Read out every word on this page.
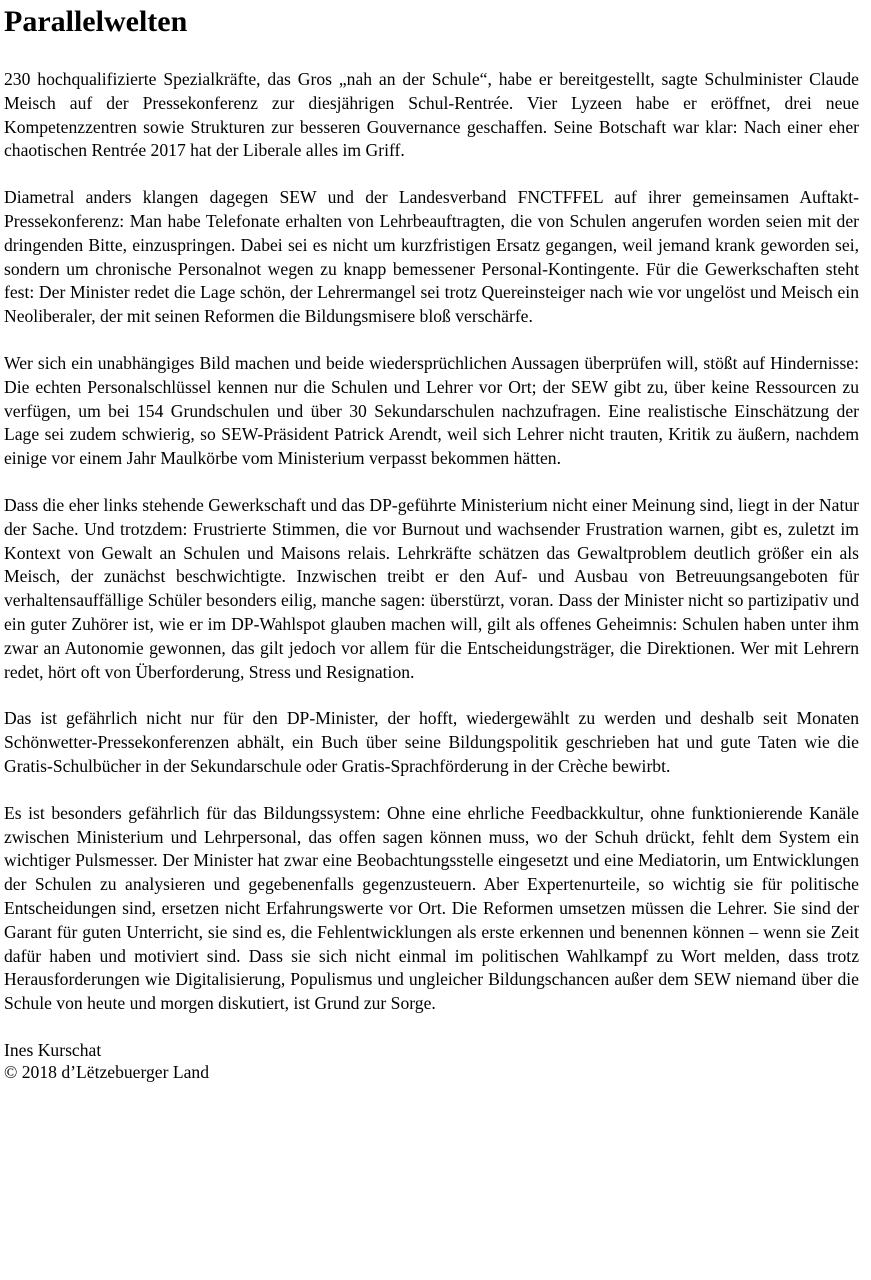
Parallelwelten

230 hochqualifizierte Spezialkräfte, das Gros „nah an der Schule“, habe er bereitgestellt, sagte Schulminister Claude Meisch auf der Pressekonferenz zur diesjährigen Schul-Rentrée. Vier Lyzeen habe er eröffnet, drei neue Kompetenzzentren sowie Strukturen zur besseren Gouvernance geschaffen. Seine Botschaft war klar: Nach einer eher chaotischen Rentrée 2017 hat der Liberale alles im Griff.

Diametral anders klangen dagegen SEW und der Landesverband FNCTFFEL auf ihrer gemeinsamen Auftakt-Pressekonferenz: Man habe Telefonate erhalten von Lehrbeauftragten, die von Schulen angerufen worden seien mit der dringenden Bitte, einzuspringen. Dabei sei es nicht um kurzfristigen Ersatz gegangen, weil jemand krank geworden sei, sondern um chronische Personalnot wegen zu knapp bemessener Personal-Kontingente. Für die Gewerkschaften steht fest: Der Minister redet die Lage schön, der Lehrermangel sei trotz Quereinsteiger nach wie vor ungelöst und Meisch ein Neoliberaler, der mit seinen Reformen die Bildungsmisere bloß verschärfe.

Wer sich ein unabhängiges Bild machen und beide wiedersprüchlichen Aussagen überprüfen will, stößt auf Hindernisse: Die echten Personalschlüssel kennen nur die Schulen und Lehrer vor Ort; der SEW gibt zu, über keine Ressourcen zu verfügen, um bei 154 Grundschulen und über 30 Sekundarschulen nachzufragen. Eine realistische Einschätzung der Lage sei zudem schwierig, so SEW-Präsident Patrick Arendt, weil sich Lehrer nicht trauten, Kritik zu äußern, nachdem einige vor einem Jahr Maulkörbe vom Ministerium verpasst bekommen hätten.

Dass die eher links stehende Gewerkschaft und das DP-geführte Ministerium nicht einer Meinung sind, liegt in der Natur der Sache. Und trotzdem: Frustrierte Stimmen, die vor Burnout und wachsender Frustration warnen, gibt es, zuletzt im Kontext von Gewalt an Schulen und Maisons relais. Lehrkräfte schätzen das Gewaltproblem deutlich größer ein als Meisch, der zunächst beschwichtigte. Inzwischen treibt er den Auf- und Ausbau von Betreuungsangeboten für verhaltensauffällige Schüler besonders eilig, manche sagen: überstürzt, voran. Dass der Minister nicht so partizipativ und ein guter Zuhörer ist, wie er im DP-Wahlspot glauben machen will, gilt als offenes Geheimnis: Schulen haben unter ihm zwar an Autonomie gewonnen, das gilt jedoch vor allem für die Entscheidungsträger, die Direktionen. Wer mit Lehrern redet, hört oft von Überforderung, Stress und Resignation.

Das ist gefährlich nicht nur für den DP-Minister, der hofft, wiedergewählt zu werden und deshalb seit Monaten Schönwetter-Pressekonferenzen abhält, ein Buch über seine Bildungspolitik geschrieben hat und gute Taten wie die Gratis-Schulbücher in der Sekundarschule oder Gratis-Sprachförderung in der Crèche bewirbt.

Es ist besonders gefährlich für das Bildungssystem: Ohne eine ehrliche Feedbackkultur, ohne funktionierende Kanäle zwischen Ministerium und Lehrpersonal, das offen sagen können muss, wo der Schuh drückt, fehlt dem System ein wichtiger Pulsmesser. Der Minister hat zwar eine Beobachtungsstelle eingesetzt und eine Mediatorin, um Entwicklungen der Schulen zu analysieren und gegebenenfalls gegenzusteuern. Aber Expertenurteile, so wichtig sie für politische Entscheidungen sind, ersetzen nicht Erfahrungswerte vor Ort. Die Reformen umsetzen müssen die Lehrer. Sie sind der Garant für guten Unterricht, sie sind es, die Fehlentwicklungen als erste erkennen und benennen können – wenn sie Zeit dafür haben und motiviert sind. Dass sie sich nicht einmal im politischen Wahlkampf zu Wort melden, dass trotz Herausforderungen wie Digitalisierung, Populismus und ungleicher Bildungschancen außer dem SEW niemand über die Schule von heute und morgen diskutiert, ist Grund zur Sorge.

Ines Kurschat

© 2018 d’Lëtzebuerger Land
